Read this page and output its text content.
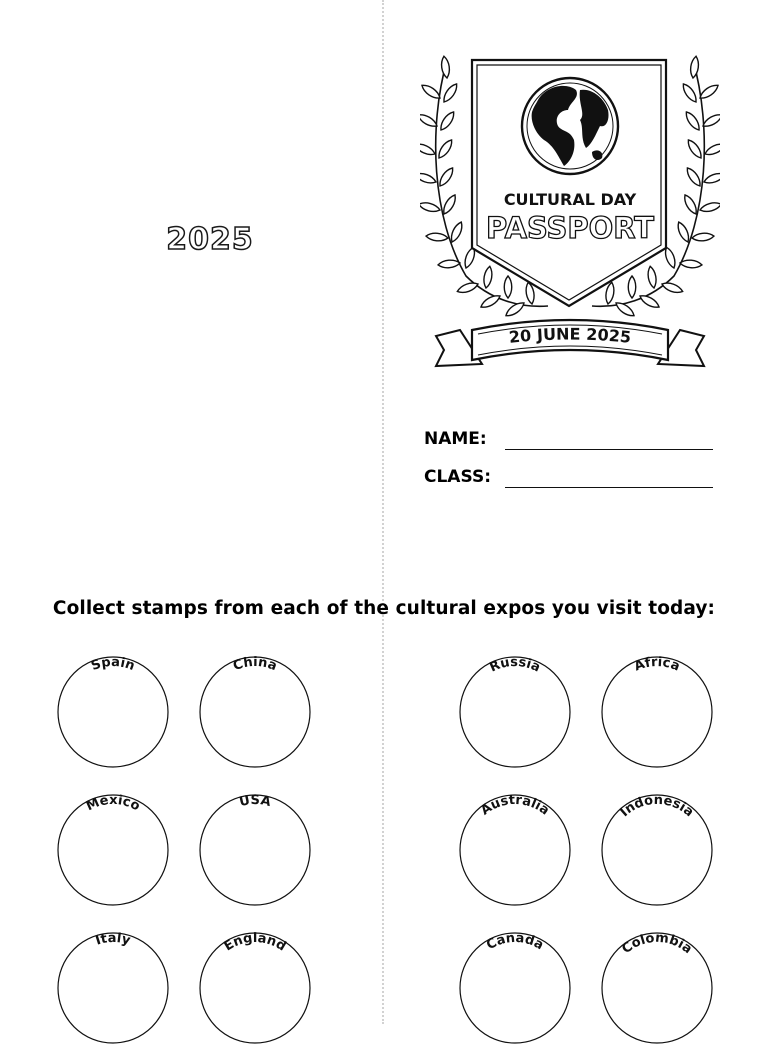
2025
CULTURAL DAY
PASSPORT
20 JUNE 2025
NAME:
CLASS:
Collect stamps from each of the cultural expos you visit today:
Spain	China	Russia	Africa
Mexico	USA	Australia	Indonesia
Italy	England	Canada	Colombia
